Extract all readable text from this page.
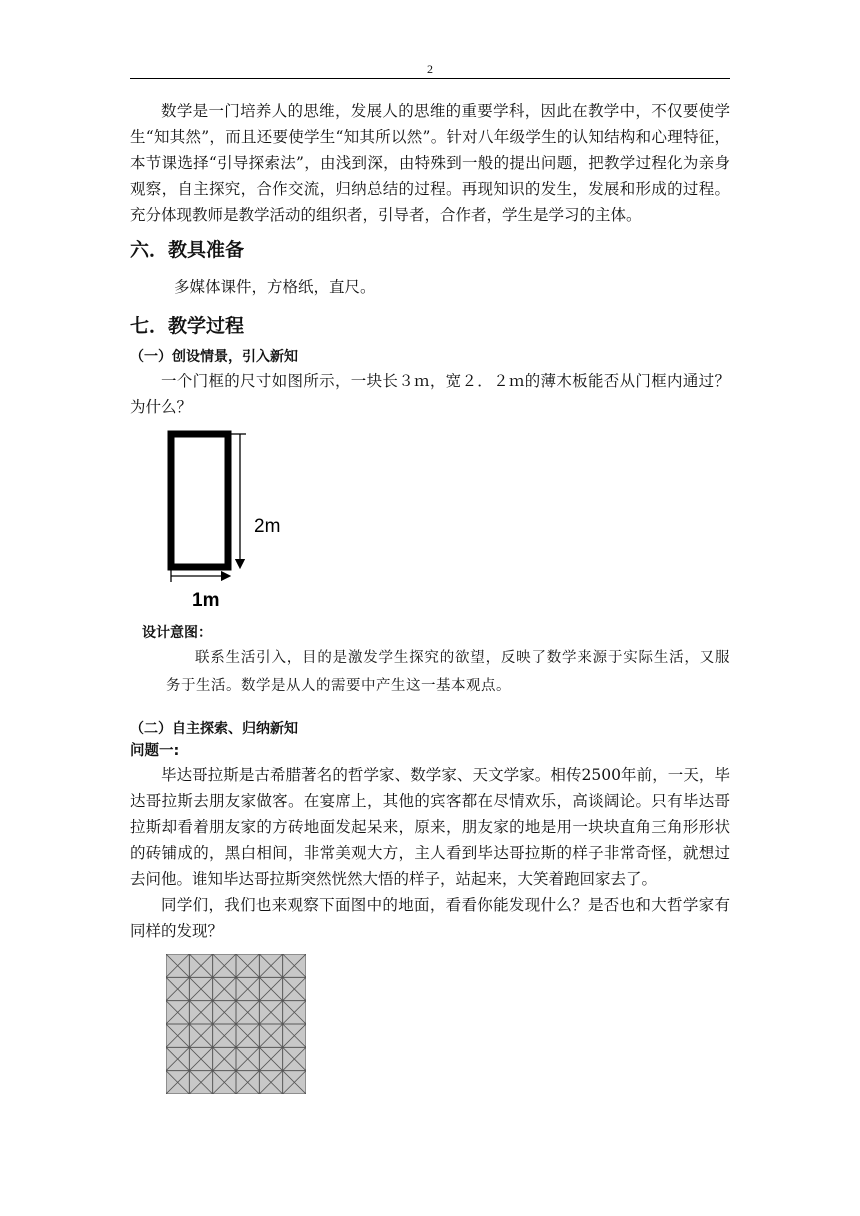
2

数学是一门培养人的思维，发展人的思维的重要学科，因此在教学中，不仅要使学生“知其然”，而且还要使学生“知其所以然”。针对八年级学生的认知结构和心理特征，本节课选择“引导探索法”，由浅到深，由特殊到一般的提出问题，把教学过程化为亲身观察，自主探究，合作交流，归纳总结的过程。再现知识的发生，发展和形成的过程。充分体现教师是教学活动的组织者，引导者，合作者，学生是学习的主体。

六．教具准备

多媒体课件，方格纸，直尺。

七．教学过程
（一）创设情景，引入新知

一个门框的尺寸如图所示，一块长３ｍ，宽２．２ｍ的薄木板能否从门框内通过？为什么？

2m
1m
设计意图：

联系生活引入，目的是激发学生探究的欲望，反映了数学来源于实际生活，又服务于生活。数学是从人的需要中产生这一基本观点。

（二）自主探索、归纳新知
问题一:

毕达哥拉斯是古希腊著名的哲学家、数学家、天文学家。相传2500年前，一天，毕达哥拉斯去朋友家做客。在宴席上，其他的宾客都在尽情欢乐，高谈阔论。只有毕达哥拉斯却看着朋友家的方砖地面发起呆来，原来，朋友家的地是用一块块直角三角形形状的砖铺成的，黑白相间，非常美观大方，主人看到毕达哥拉斯的样子非常奇怪，就想过去问他。谁知毕达哥拉斯突然恍然大悟的样子，站起来，大笑着跑回家去了。

同学们，我们也来观察下面图中的地面，看看你能发现什么？是否也和大哲学家有同样的发现？
